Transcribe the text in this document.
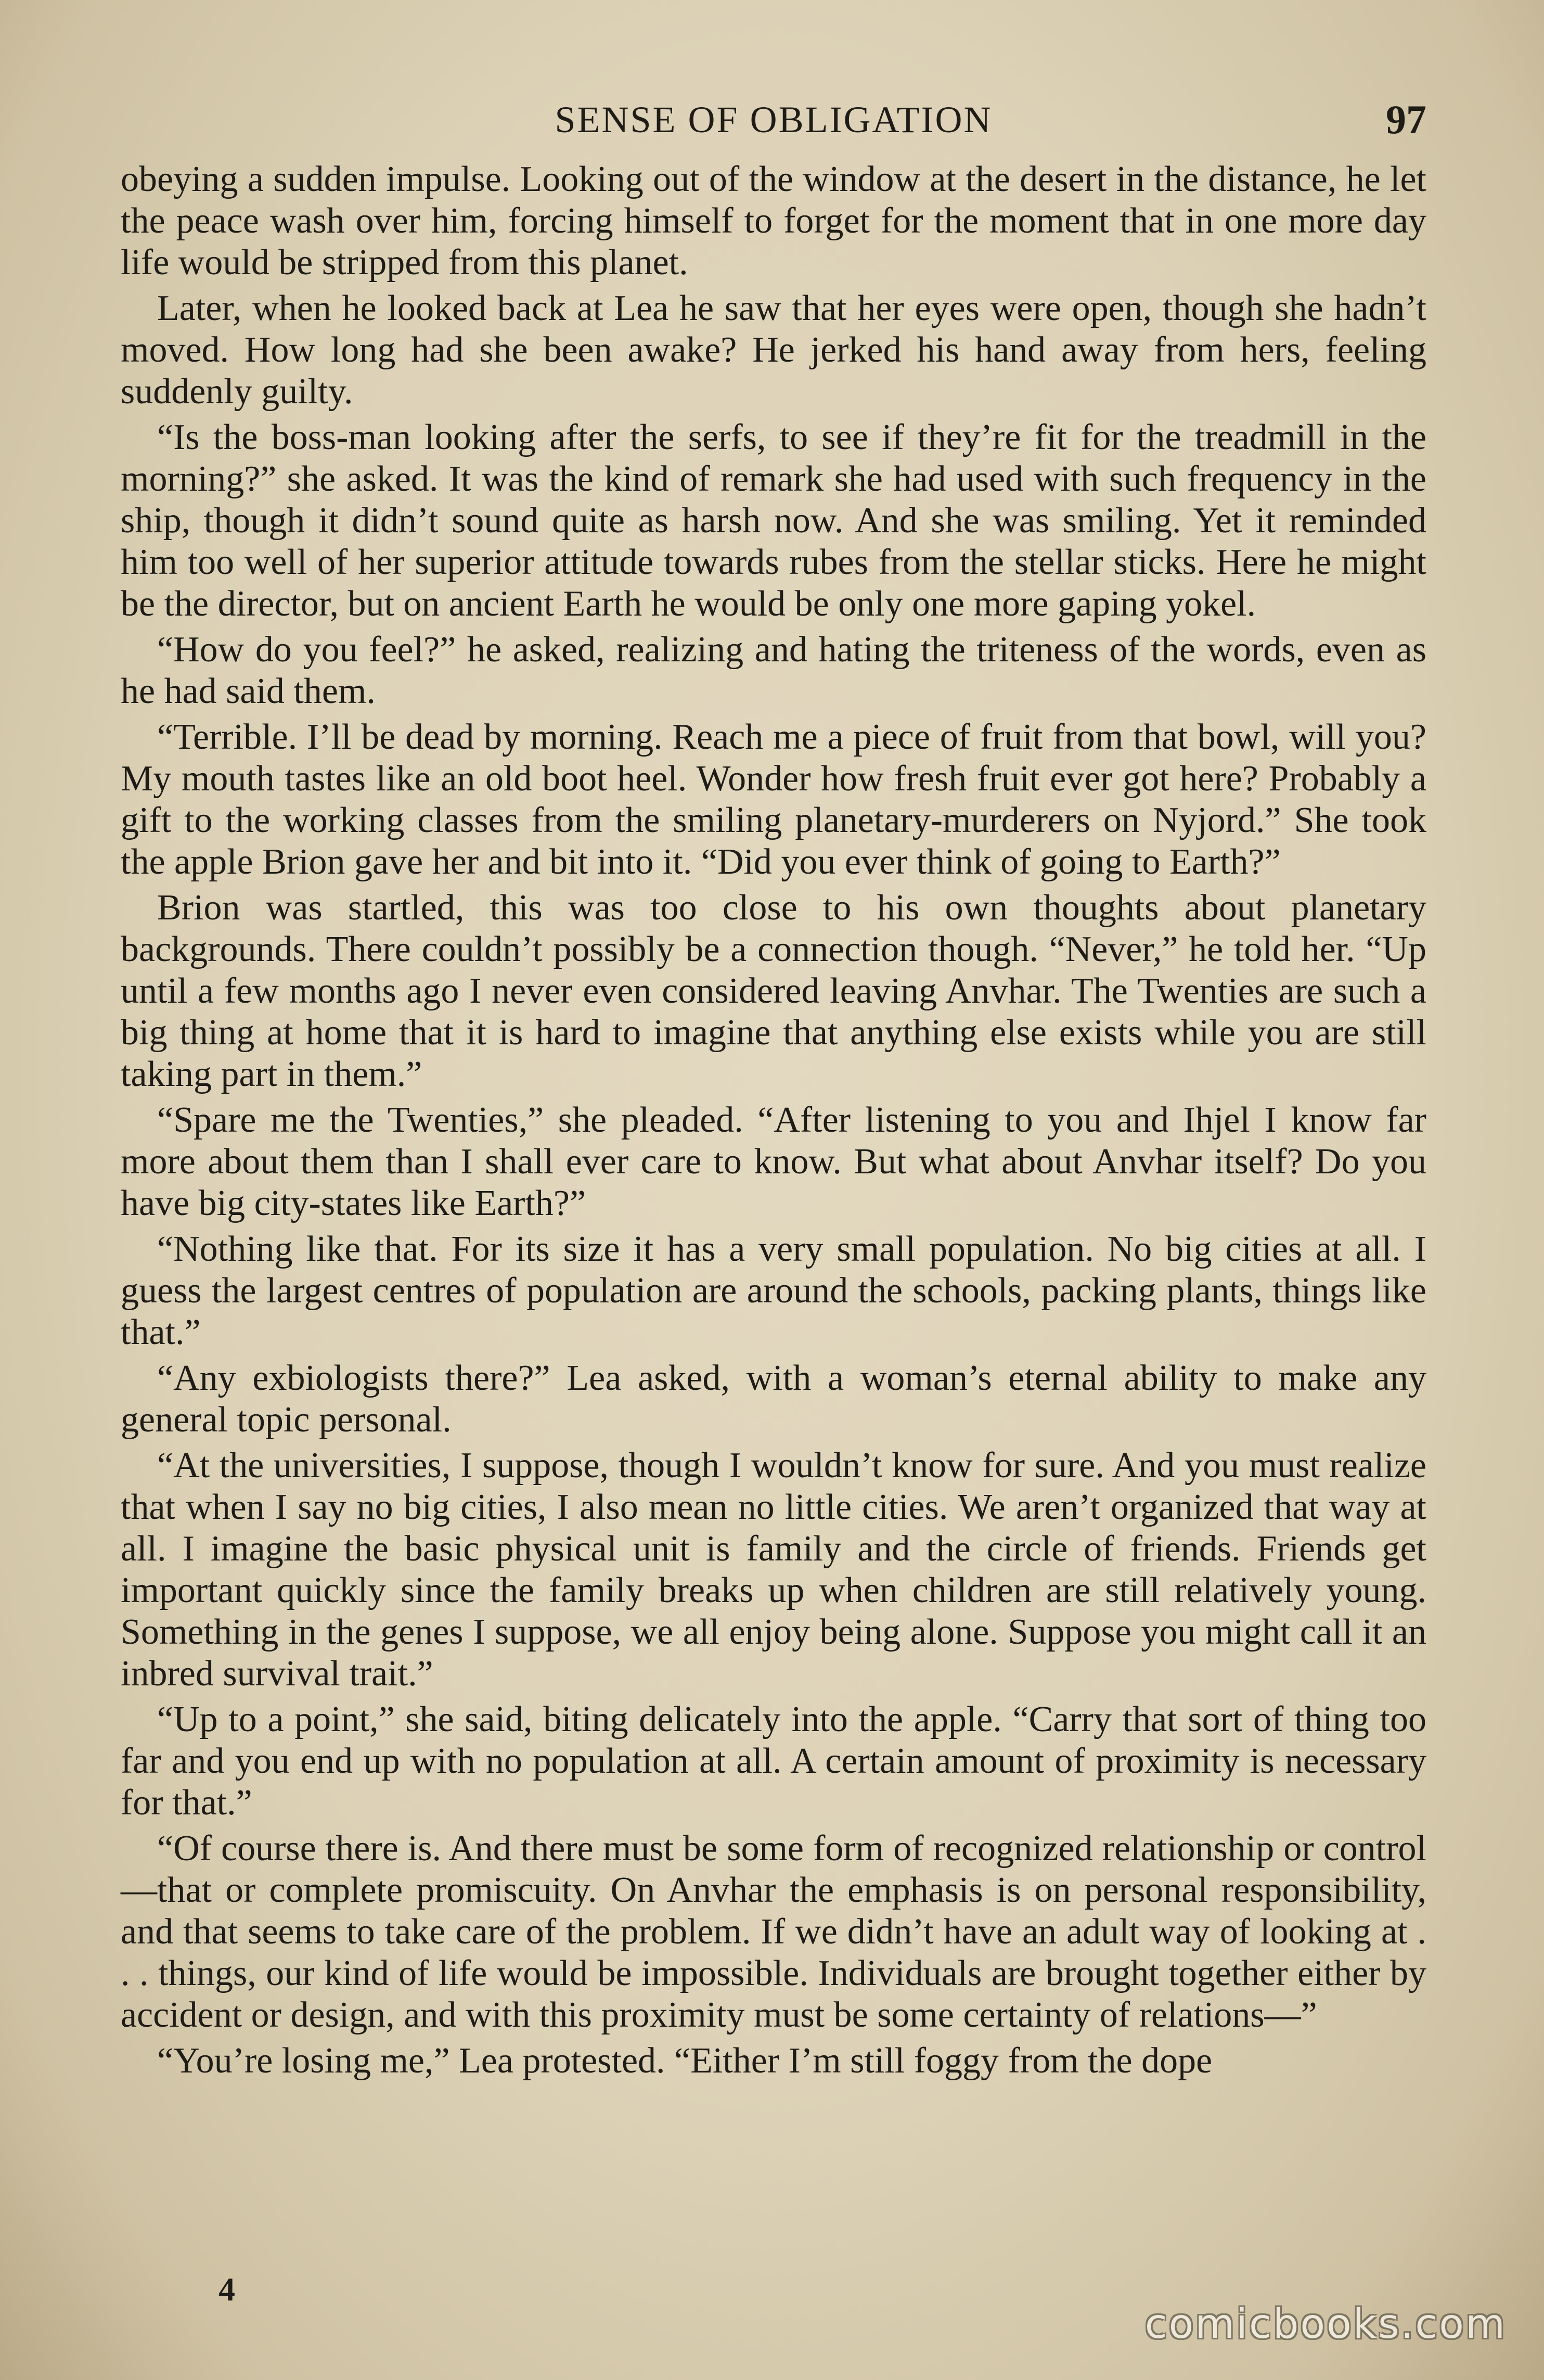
SENSE OF OBLIGATION	97

obeying a sudden impulse. Looking out of the window at the desert in the distance, he let the peace wash over him, forcing himself to forget for the moment that in one more day life would be stripped from this planet.

Later, when he looked back at Lea he saw that her eyes were open, though she hadn’t moved. How long had she been awake? He jerked his hand away from hers, feeling suddenly guilty.

“Is the boss-man looking after the serfs, to see if they’re fit for the treadmill in the morning?” she asked. It was the kind of remark she had used with such frequency in the ship, though it didn’t sound quite as harsh now. And she was smiling. Yet it reminded him too well of her superior attitude towards rubes from the stellar sticks. Here he might be the director, but on ancient Earth he would be only one more gaping yokel.

“How do you feel?” he asked, realizing and hating the triteness of the words, even as he had said them.

“Terrible. I’ll be dead by morning. Reach me a piece of fruit from that bowl, will you? My mouth tastes like an old boot heel. Wonder how fresh fruit ever got here? Probably a gift to the working classes from the smiling planetary-murderers on Nyjord.” She took the apple Brion gave her and bit into it. “Did you ever think of going to Earth?”

Brion was startled, this was too close to his own thoughts about planetary backgrounds. There couldn’t possibly be a connection though. “Never,” he told her. “Up until a few months ago I never even considered leaving Anvhar. The Twenties are such a big thing at home that it is hard to imagine that anything else exists while you are still taking part in them.”

“Spare me the Twenties,” she pleaded. “After listening to you and Ihjel I know far more about them than I shall ever care to know. But what about Anvhar itself? Do you have big city-states like Earth?”

“Nothing like that. For its size it has a very small population. No big cities at all. I guess the largest centres of population are around the schools, packing plants, things like that.”

“Any exbiologists there?” Lea asked, with a woman’s eternal ability to make any general topic personal.

“At the universities, I suppose, though I wouldn’t know for sure. And you must realize that when I say no big cities, I also mean no little cities. We aren’t organized that way at all. I imagine the basic physical unit is family and the circle of friends. Friends get important quickly since the family breaks up when children are still relatively young. Something in the genes I suppose, we all enjoy being alone. Suppose you might call it an inbred survival trait.”

“Up to a point,” she said, biting delicately into the apple. “Carry that sort of thing too far and you end up with no population at all. A certain amount of proximity is necessary for that.”

“Of course there is. And there must be some form of recognized relationship or control—that or complete promiscuity. On Anvhar the emphasis is on personal responsibility, and that seems to take care of the problem. If we didn’t have an adult way of looking at . . . things, our kind of life would be impossible. Individuals are brought together either by accident or design, and with this proximity must be some certainty of relations—”

“You’re losing me,” Lea protested. “Either I’m still foggy from the dope

4
comicbooks.com
